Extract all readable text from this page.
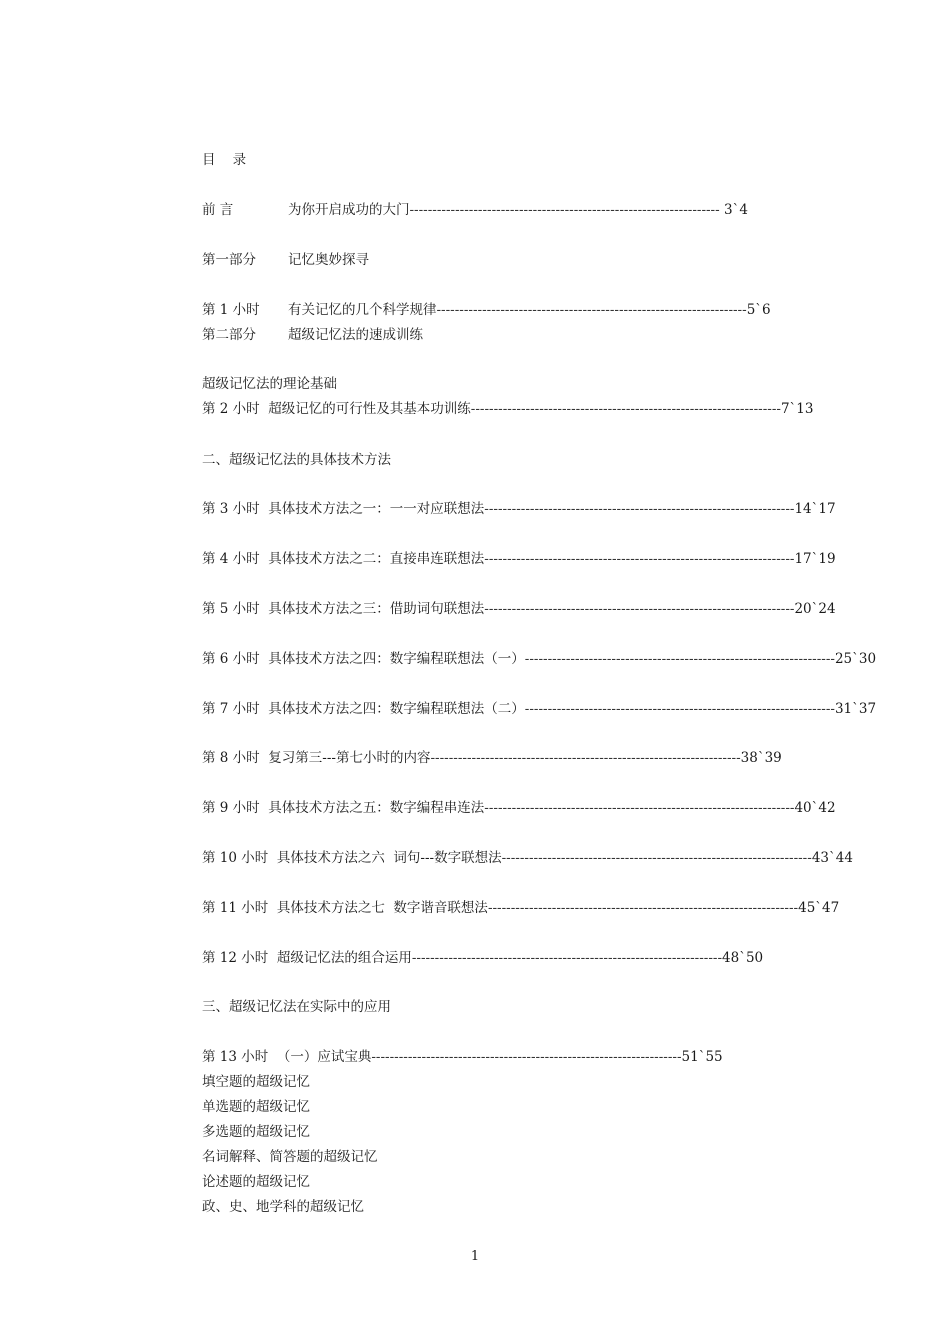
目    录
前 言	为你开启成功的大门 -------------------------------------------------------------------- 3`4
第一部分	记忆奥妙探寻
第 1 小时	有关记忆的几个科学规律 -------------------------------------------------------------------- 5`6
第二部分	超级记忆法的速成训练
超级记忆法的理论基础
第 2 小时  超级记忆的可行性及其基本功训练 -------------------------------------------------------------------- 7`13
二、超级记忆法的具体技术方法
第 3 小时  具体技术方法之一：一一对应联想法 -------------------------------------------------------------------- 14`17
第 4 小时  具体技术方法之二：直接串连联想法 -------------------------------------------------------------------- 17`19
第 5 小时  具体技术方法之三：借助词句联想法 -------------------------------------------------------------------- 20`24
第 6 小时  具体技术方法之四：数字编程联想法（一） -------------------------------------------------------------------- 25`30
第 7 小时  具体技术方法之四：数字编程联想法（二） -------------------------------------------------------------------- 31`37
第 8 小时  复习第三---第七小时的内容 -------------------------------------------------------------------- 38`39
第 9 小时  具体技术方法之五：数字编程串连法 -------------------------------------------------------------------- 40`42
第 10 小时  具体技术方法之六  词句---数字联想法 -------------------------------------------------------------------- 43`44
第 11 小时  具体技术方法之七  数字谐音联想法 -------------------------------------------------------------------- 45`47
第 12 小时  超级记忆法的组合运用 -------------------------------------------------------------------- 48`50
三、超级记忆法在实际中的应用
第 13 小时  （一）应试宝典 -------------------------------------------------------------------- 51`55
填空题的超级记忆
单选题的超级记忆
多选题的超级记忆
名词解释、简答题的超级记忆
论述题的超级记忆
政、史、地学科的超级记忆
1
